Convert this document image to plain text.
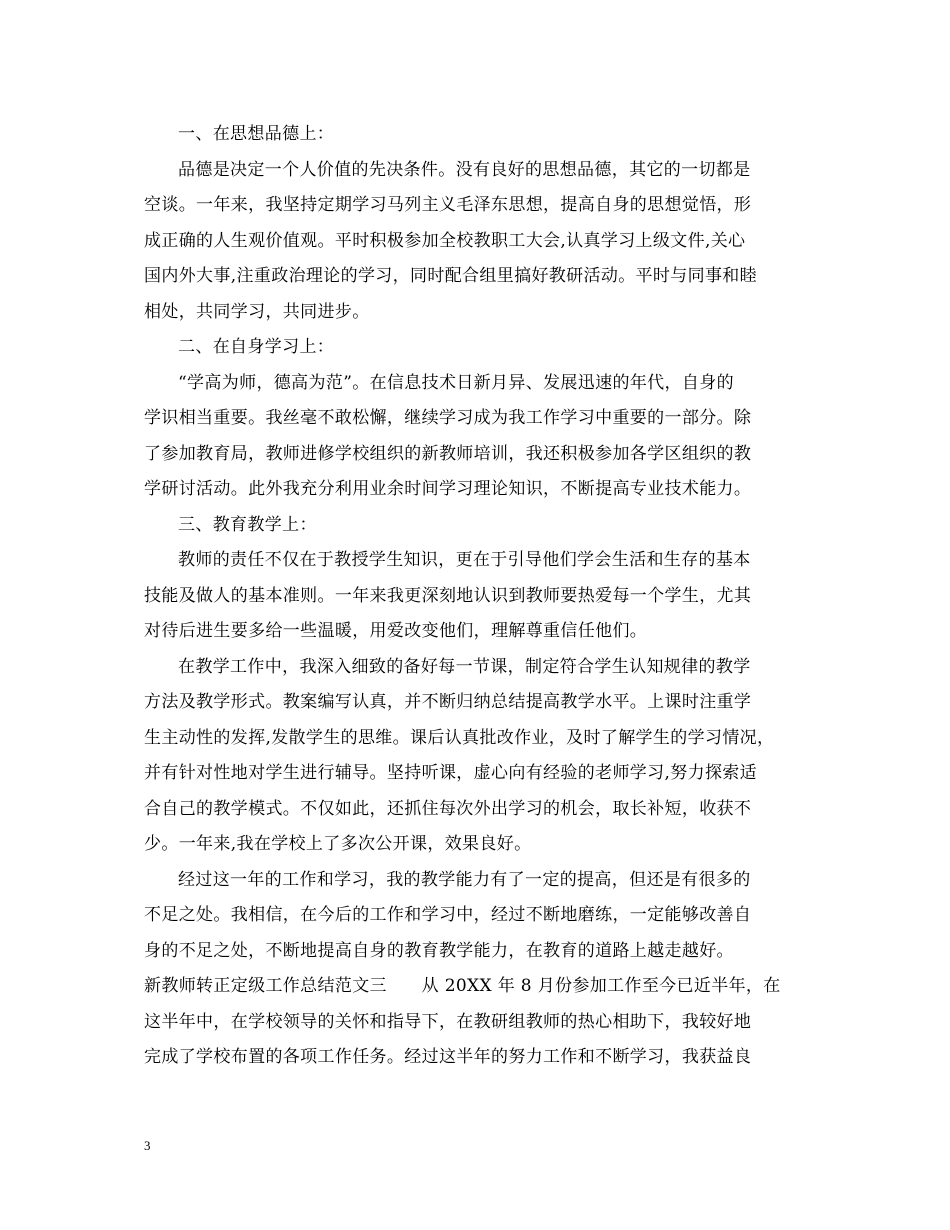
一、在思想品德上：
品德是决定一个人价值的先决条件。没有良好的思想品德，其它的一切都是
空谈。一年来，我坚持定期学习马列主义毛泽东思想，提高自身的思想觉悟，形
成正确的人生观价值观。平时积极参加全校教职工大会,认真学习上级文件,关心
国内外大事,注重政治理论的学习，同时配合组里搞好教研活动。平时与同事和睦
相处，共同学习，共同进步。
二、在自身学习上：
“学高为师，德高为范”。在信息技术日新月异、发展迅速的年代，自身的
学识相当重要。我丝毫不敢松懈，继续学习成为我工作学习中重要的一部分。除
了参加教育局，教师进修学校组织的新教师培训，我还积极参加各学区组织的教
学研讨活动。此外我充分利用业余时间学习理论知识，不断提高专业技术能力。
三、教育教学上：
教师的责任不仅在于教授学生知识，更在于引导他们学会生活和生存的基本
技能及做人的基本准则。一年来我更深刻地认识到教师要热爱每一个学生，尤其
对待后进生要多给一些温暖，用爱改变他们，理解尊重信任他们。
在教学工作中，我深入细致的备好每一节课，制定符合学生认知规律的教学
方法及教学形式。教案编写认真，并不断归纳总结提高教学水平。上课时注重学
生主动性的发挥,发散学生的思维。课后认真批改作业，及时了解学生的学习情况，
并有针对性地对学生进行辅导。坚持听课，虚心向有经验的老师学习,努力探索适
合自己的教学模式。不仅如此，还抓住每次外出学习的机会，取长补短，收获不
少。一年来,我在学校上了多次公开课，效果良好。
经过这一年的工作和学习，我的教学能力有了一定的提高，但还是有很多的
不足之处。我相信，在今后的工作和学习中，经过不断地磨练，一定能够改善自
身的不足之处，不断地提高自身的教育教学能力，在教育的道路上越走越好。
新教师转正定级工作总结范文三　　从 20XX 年 8 月份参加工作至今已近半年，在
这半年中，在学校领导的关怀和指导下，在教研组教师的热心相助下，我较好地
完成了学校布置的各项工作任务。经过这半年的努力工作和不断学习，我获益良
3
